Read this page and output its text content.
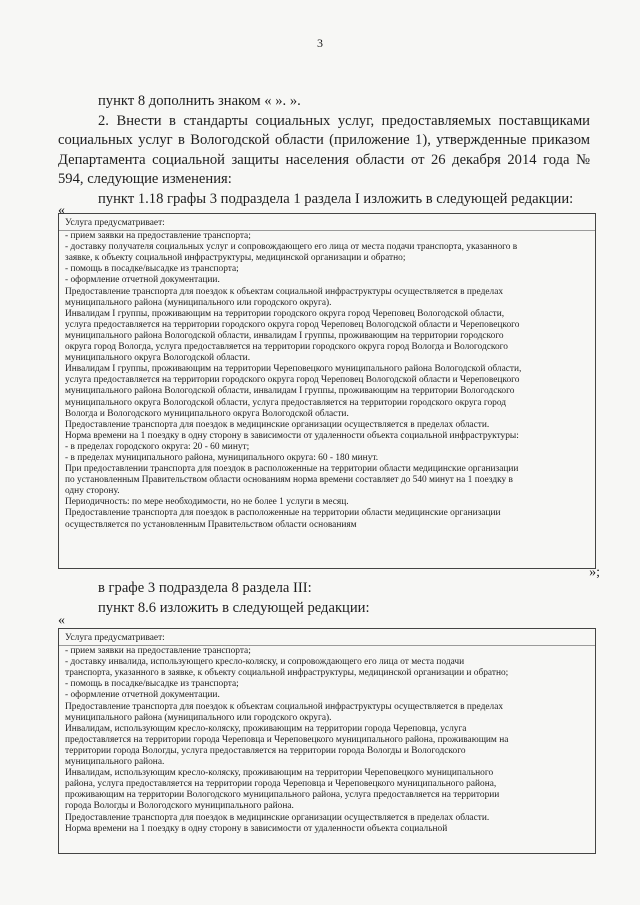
3

пункт 8 дополнить знаком « ». ».

2. Внести в стандарты социальных услуг, предоставляемых поставщиками социальных услуг в Вологодской области (приложение 1), утвержденные приказом Департамента социальной защиты населения области от 26 декабря 2014 года № 594, следующие изменения:

пункт 1.18 графы 3 подраздела 1 раздела I изложить в следующей редакции:

«
Услуга предусматривает:
- прием заявки на предоставление транспорта;
- доставку получателя социальных услуг и сопровождающего его лица от места подачи транспорта, указанного в
заявке, к объекту социальной инфраструктуры, медицинской организации и обратно;
- помощь в посадке/высадке из транспорта;
- оформление отчетной документации.
Предоставление транспорта для поездок к объектам социальной инфраструктуры осуществляется в пределах
муниципального района (муниципального или городского округа).
Инвалидам I группы, проживающим на территории городского округа город Череповец Вологодской области,
услуга предоставляется на территории городского округа город Череповец Вологодской области и Череповецкого
муниципального района Вологодской области, инвалидам I группы, проживающим на территории городского
округа город Вологда, услуга предоставляется на территории городского округа город Вологда и Вологодского
муниципального округа Вологодской области.
Инвалидам I группы, проживающим на территории Череповецкого муниципального района Вологодской области,
услуга предоставляется на территории городского округа город Череповец Вологодской области и Череповецкого
муниципального района Вологодской области, инвалидам I группы, проживающим на территории Вологодского
муниципального округа Вологодской области, услуга предоставляется на территории городского округа город
Вологда и Вологодского муниципального округа Вологодской области.
Предоставление транспорта для поездок в медицинские организации осуществляется в пределах области.
Норма времени на 1 поездку в одну сторону в зависимости от удаленности объекта социальной инфраструктуры:
- в пределах городского округа: 20 - 60 минут;
- в пределах муниципального района, муниципального округа: 60 - 180 минут.
При предоставлении транспорта для поездок в расположенные на территории области медицинские организации
по установленным Правительством области основаниям норма времени составляет до 540 минут на 1 поездку в
одну сторону.
Периодичность: по мере необходимости, но не более 1 услуги в месяц.
Предоставление транспорта для поездок в расположенные на территории области медицинские организации
осуществляется по установленным Правительством области основаниям
»;

в графе 3 подраздела 8 раздела III:

пункт 8.6 изложить в следующей редакции:

«
Услуга предусматривает:
- прием заявки на предоставление транспорта;
- доставку инвалида, использующего кресло-коляску, и сопровождающего его лица от места подачи
транспорта, указанного в заявке, к объекту социальной инфраструктуры, медицинской организации и обратно;
- помощь в посадке/высадке из транспорта;
- оформление отчетной документации.
Предоставление транспорта для поездок к объектам социальной инфраструктуры осуществляется в пределах
муниципального района (муниципального или городского округа).
Инвалидам, использующим кресло-коляску, проживающим на территории города Череповца, услуга
предоставляется на территории города Череповца и Череповецкого муниципального района, проживающим на
территории города Вологды, услуга предоставляется на территории города Вологды и Вологодского
муниципального района.
Инвалидам, использующим кресло-коляску, проживающим на территории Череповецкого муниципального
района, услуга предоставляется на территории города Череповца и Череповецкого муниципального района,
проживающим на территории Вологодского муниципального района, услуга предоставляется на территории
города Вологды и Вологодского муниципального района.
Предоставление транспорта для поездок в медицинские организации осуществляется в пределах области.
Норма времени на 1 поездку в одну сторону в зависимости от удаленности объекта социальной
